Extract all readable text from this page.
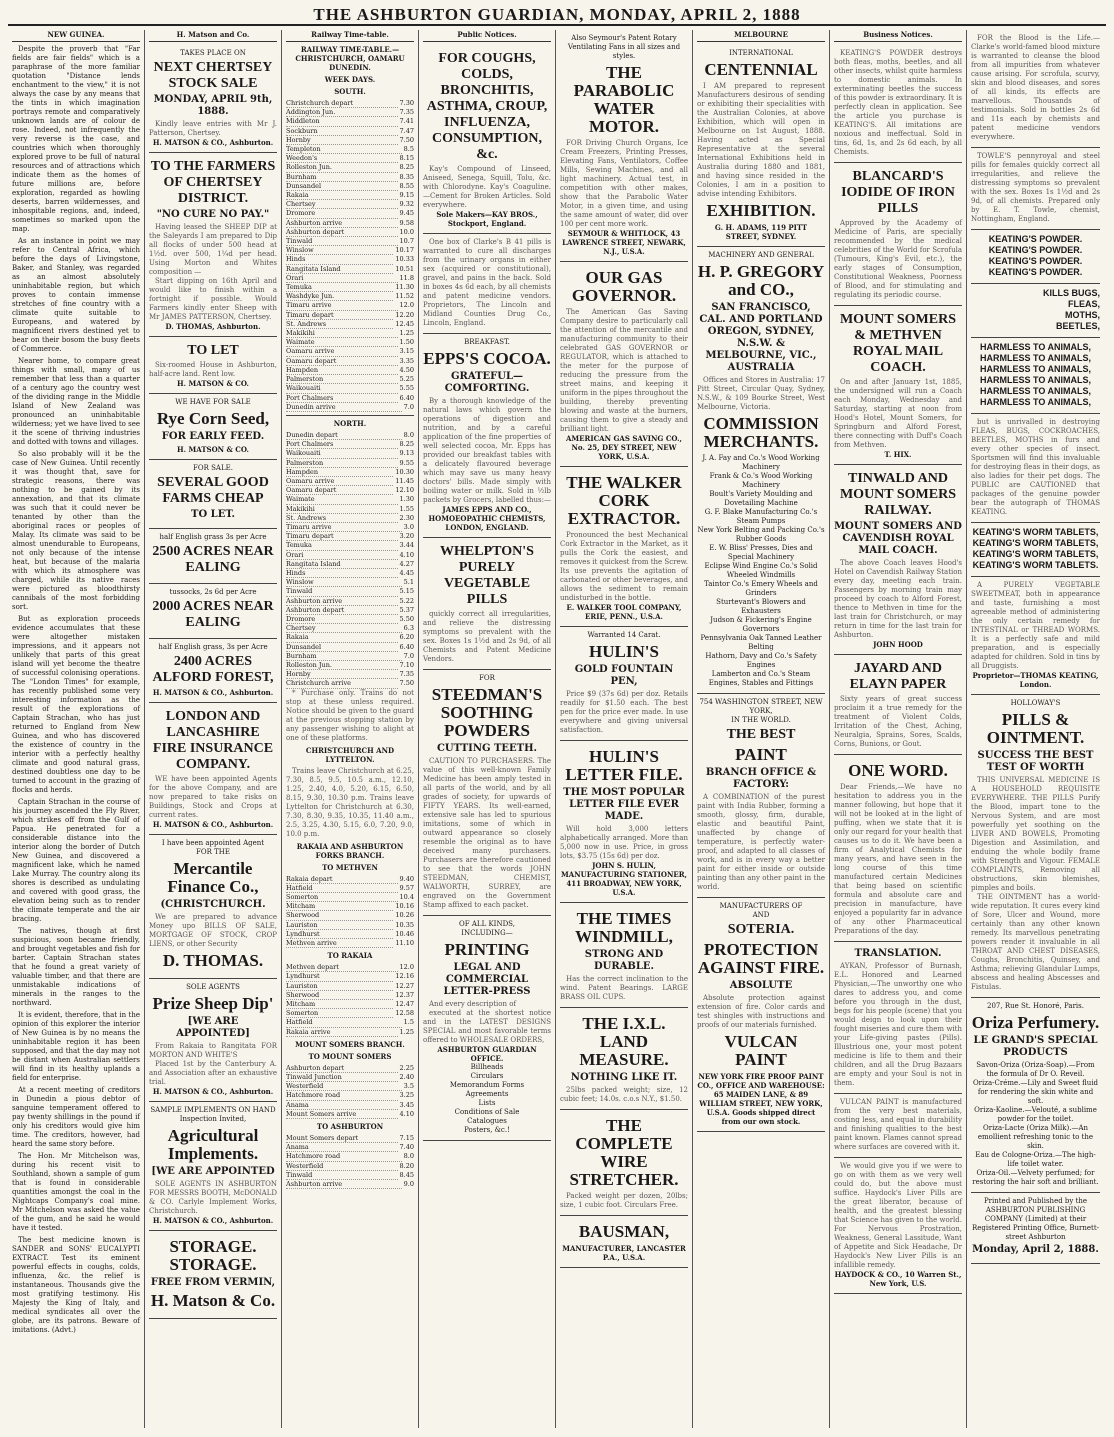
THE ASHBURTON GUARDIAN, MONDAY, APRIL 2, 1888
NEW GUINEA.

Despite the proverb that "Far fields are fair fields" which is a paraphrase of the more familiar quotation "Distance lends enchantment to the view," it is not always the case by any means that the tints in which imagination portrays remote and comparatively unknown lands are of colour de rose. Indeed, not infrequently the very reverse is the case, and countries which when thoroughly explored prove to be full of natural resources and of attractions which indicate them as the homes of future millions are, before exploration, regarded as howling deserts, barren wildernesses, and inhospitable regions, and, indeed, sometimes so marked upon the map.

As an instance in point we may refer to Central Africa, which before the days of Livingstone, Baker, and Stanley, was regarded as an almost absolutely uninhabitable region, but which proves to contain immense stretches of fine country with a climate quite suitable to Europeans, and watered by magnificent rivers destined yet to bear on their bosom the busy fleets of Commerce.

Nearer home, to compare great things with small, many of us remember that less than a quarter of a century ago the country west of the dividing range in the Middle Island of New Zealand was pronounced an uninhabitable wilderness; yet we have lived to see it the scene of thriving industries and dotted with towns and villages.

So also probably will it be the case of New Guinea. Until recently it was thought that, save for strategic reasons, there was nothing to be gained by its annexation, and that its climate was such that it could never be tenanted by other than the aboriginal races or peoples of Malay. Its climate was said to be almost unendurable to Europeans, not only because of the intense heat, but because of the malaria with which its atmosphere was charged, while its native races were pictured as bloodthirsty cannibals of the most forbidding sort.

But as exploration proceeds evidence accumulates that these were altogether mistaken impressions, and it appears not unlikely that parts of this great island will yet become the theatre of successful colonising operations. The "London Times" for example, has recently published some very interesting information as the result of the explorations of Captain Strachan, who has just returned to England from New Guinea, and who has discovered the existence of country in the interior with a perfectly healthy climate and good natural grass, destined doubtless one day to be turned to account in the grazing of flocks and herds.

Captain Strachan in the course of his journey ascended the Fly River, which strikes off from the Gulf of Papua. He penetrated for a considerable distance into the interior along the border of Dutch New Guinea, and discovered a magnificent lake, which he named Lake Murray. The country along its shores is described as undulating and covered with good grass, the elevation being such as to render the climate temperate and the air bracing.

The natives, though at first suspicious, soon became friendly, and brought vegetables and fish for barter. Captain Strachan states that he found a great variety of valuable timber, and that there are unmistakable indications of minerals in the ranges to the northward.

It is evident, therefore, that in the opinion of this explorer the interior of New Guinea is by no means the uninhabitable region it has been supposed, and that the day may not be distant when Australian settlers will find in its healthy uplands a field for enterprise.

At a recent meeting of creditors in Dunedin a pious debtor of sanguine temperament offered to pay twenty shillings in the pound if only his creditors would give him time. The creditors, however, had heard the same story before.

The Hon. Mr Mitchelson was, during his recent visit to Southland, shown a sample of gum that is found in considerable quantities amongst the coal in the Nightcaps Company's coal mine. Mr Mitchelson was asked the value of the gum, and he said he would have it tested.

The best medicine known is SANDER and SONS' EUCALYPTI EXTRACT. Test its eminent powerful effects in coughs, colds, influenza, &c. the relief is instantaneous. Thousands give the most gratifying testimony. His Majesty the King of Italy, and medical syndicates all over the globe, are its patrons. Beware of imitations. (Advt.)

H. Matson and Co.
TAKES PLACE ON
NEXT CHERTSEY STOCK SALE
MONDAY, APRIL 9th, 1888.
Kindly leave entries with Mr J. Patterson, Chertsey.
H. MATSON & CO., Ashburton.
TO THE FARMERS OF CHERTSEY DISTRICT.
"NO CURE NO PAY."
Having leased the SHEEP DIP at the Saleyards I am prepared to Dip all flocks of under 500 head at 1½d. over 500, 1¼d per head. Using Morton and Whites composition —
Start dipping on 16th April and would like to finish within a fortnight if possible. Would Farmers kindly enter Sheep with Mr JAMES PATTERSON, Chertsey.
D. THOMAS, Ashburton.
TO LET
Six-roomed House in Ashburton, half-acre land. Rent low.
H. MATSON & CO.
WE HAVE FOR SALE
Rye Corn Seed,
FOR EARLY FEED.
H. MATSON & CO.
FOR SALE.
SEVERAL GOOD FARMS CHEAP
TO LET.
half English grass 3s per Acre
2500 ACRES NEAR EALING
tussocks, 2s 6d per Acre
2000 ACRES NEAR EALING
half English grass, 3s per Acre
2400 ACRES ALFORD FOREST,
H. MATSON & CO., Ashburton.
LONDON AND LANCASHIRE FIRE INSURANCE COMPANY.
WE have been appointed Agents for the above Company, and are now prepared to take risks on Buildings, Stock and Crops at current rates.
H. MATSON & CO., Ashburton.
I have been appointed Agent
FOR THE
Mercantile Finance Co.,
(CHRISTCHURCH.
We are prepared to advance Money upo BILLS OF SALE, MORTGAGE OF STOCK, CROP LIENS, or other Security
D. THOMAS.
SOLE AGENTS
Prize Sheep Dip'
[WE ARE APPOINTED]
From Rakaia to Rangitata FOR MORTON AND WHITE'S
Placed 1st by the Canterbury A. and Association after an exhaustive trial.
H. MATSON & CO., Ashburton.
SAMPLE IMPLEMENTS ON HAND
Inspection Invited,
Agricultural Implements.
[WE ARE APPOINTED
SOLE AGENTS IN ASHBURTON FOR MESSRS BOOTH, McDONALD & CO. Carlyle Implement Works, Christchurch.
H. MATSON & CO., Ashburton.
STORAGE. STORAGE.
FREE FROM VERMIN,
H. Matson & Co.
Railway Time-table.
RAILWAY TIME-TABLE.—CHRISTCHURCH, OAMARU DUNEDIN.
WEEK DAYS.
SOUTH.
Christchurch depart	7.30
Addington Jun.	7.35
Middleton	7.41
Sockburn	7.47
Hornby	7.50
Templeton	8.5
Weedon's	8.15
Rolleston Jun.	8.25
Burnham	8.35
Dunsandel	8.55
Rakaia	9.15
Chertsey	9.32
Dromore	9.45
Ashburton arrive	9.58
Ashburton depart	10.0
Tinwald	10.7
Winslow	10.17
Hinds	10.33
Rangitata Island	10.51
Orari	11.8
Temuka	11.30
Washdyke Jun.	11.52
Timaru arrive	12.0
Timaru depart	12.20
St. Andrews	12.45
Makikihi	1.25
Waimate	1.50
Oamaru arrive	3.15
Oamaru depart	3.35
Hampden	4.50
Palmerston	5.25
Waikouaiti	5.55
Port Chalmers	6.40
Dunedin arrive	7.0
NORTH.
Dunedin depart	8.0
Port Chalmers	8.25
Waikouaiti	9.13
Palmerston	9.55
Hampden	10.30
Oamaru arrive	11.45
Oamaru depart	12.10
Waimate	1.30
Makikihi	1.55
St. Andrews	2.30
Timaru arrive	3.0
Timaru depart	3.20
Temuka	3.44
Orari	4.10
Rangitata Island	4.27
Hinds	4.45
Winslow	5.1
Tinwald	5.15
Ashburton arrive	5.22
Ashburton depart	5.37
Dromore	5.50
Chertsey	6.3
Rakaia	6.20
Dunsandel	6.40
Burnham	7.0
Rolleston Jun.	7.10
Hornby	7.35
Christchurch arrive	7.50
* Purchase only. Trains do not stop at these unless required. Notice should be given to the guard at the previous stopping station by any passenger wishing to alight at one of these platforms.
CHRISTCHURCH AND LYTTELTON.
Trains leave Christchurch at 6.25, 7.30, 8.5, 9.5, 10.5 a.m., 12.10, 1.25, 2.40, 4.0, 5.20, 6.15, 6.50, 8.15, 9.30, 10.30 p.m. Trains leave Lyttelton for Christchurch at 6.30, 7.30, 8.30, 9.35, 10.35, 11.40 a.m., 2.5, 3.25, 4.30, 5.15, 6.0, 7.20, 9.0, 10.0 p.m.
RAKAIA AND ASHBURTON FORKS BRANCH.
TO METHVEN
Rakaia depart	9.40
Hatfield	9.57
Somerton	10.4
Mitcham	10.16
Sherwood	10.26
Lauriston	10.35
Lyndhurst	10.46
Methven arrive	11.10
TO RAKAIA
Methven depart	12.0
Lyndhurst	12.16
Lauriston	12.27
Sherwood	12.37
Mitcham	12.47
Somerton	12.58
Hatfield	1.5
Rakaia arrive	1.25
MOUNT SOMERS BRANCH.
TO MOUNT SOMERS
Ashburton depart	2.25
Tinwald Junction	2.40
Westerfield	3.5
Hatchmore road	3.25
Anama	3.45
Mount Somers arrive	4.10
TO ASHBURTON
Mount Somers depart	7.15
Anama	7.40
Hatchmore road	8.0
Westerfield	8.20
Tinwald	8.45
Ashburton arrive	9.0
Public Notices.
FOR COUGHS, COLDS, BRONCHITIS, ASTHMA, CROUP, INFLUENZA, CONSUMPTION, &c.
Kay's Compound of Linseed, Aniseed, Senega, Squill, Tolu, &c. with Chlorodyne. Kay's Coaguline.—Cement for Broken Articles. Sold everywhere.
Sole Makers—KAY BROS., Stockport, England.
One box of Clarke's B 41 pills is warranted to cure all discharges from the urinary organs in either sex (acquired or constitutional), gravel, and pains in the back. Sold in boxes 4s 6d each, by all chemists and patent medicine vendors. Proprietors, The Lincoln and Midland Counties Drug Co., Lincoln, England.
BREAKFAST.
EPPS'S COCOA.
GRATEFUL—COMFORTING.
By a thorough knowledge of the natural laws which govern the operations of digestion and nutrition, and by a careful application of the fine properties of well selected cocoa, Mr. Epps has provided our breakfast tables with a delicately flavoured beverage which may save us many heavy doctors' bills. Made simply with boiling water or milk. Sold in ½lb packets by Grocers, labelled thus:—
JAMES EPPS AND CO., HOMOEOPATHIC CHEMISTS, LONDON, ENGLAND.
WHELPTON'S PURELY VEGETABLE PILLS
quickly correct all irregularities, and relieve the distressing symptoms so prevalent with the sex. Boxes 1s 1½d and 2s 9d, of all Chemists and Patent Medicine Vendors.
FOR
STEEDMAN'S SOOTHING POWDERS
CUTTING TEETH.
CAUTION TO PURCHASERS. The value of this well-known Family Medicine has been amply tested in all parts of the world, and by all grades of society, for upwards of FIFTY YEARS. Its well-earned, extensive sale has led to spurious imitations, some of which in outward appearance so closely resemble the original as to have deceived many purchasers. Purchasers are therefore cautioned to see that the words JOHN STEEDMAN, CHEMIST, WALWORTH, SURREY, are engraved on the Government Stamp affixed to each packet.
OF ALL KINDS,
INCLUDING—
PRINTING
LEGAL AND COMMERCIAL LETTER-PRESS
And every description of
executed at the shortest notice and in the LATEST DESIGNS SPECIAL and most favorable terms offered to WHOLESALE ORDERS,
ASHBURTON GUARDIAN OFFICE.
Billheads
Circulars
Memorandum Forms
Agreements
Lists
Conditions of Sale
Catalogues
Posters, &c.!
Also Seymour's Patent Rotary Ventilating Fans in all sizes and styles.
THE PARABOLIC WATER MOTOR.
FOR Driving Church Organs, Ice Cream Freezers, Printing Presses, Elevating Fans, Ventilators, Coffee Mills, Sewing Machines, and all light machinery. Actual test, in competition with other makes, show that the Parabolic Water Motor, in a given time, and using the same amount of water, did over 100 per cent more work.
SEYMOUR & WHITLOCK, 43 LAWRENCE STREET, NEWARK, N.J., U.S.A.
OUR GAS GOVERNOR.
The American Gas Saving Company desire to particularly call the attention of the mercantile and manufacturing community to their celebrated GAS GOVERNOR or REGULATOR, which is attached to the meter for the purpose of reducing the pressure from the street mains, and keeping it uniform in the pipes throughout the building, thereby preventing blowing and waste at the burners, causing them to give a steady and brilliant light.
AMERICAN GAS SAVING CO., No. 25, DEY STREET, NEW YORK, U.S.A.
THE WALKER CORK EXTRACTOR.
Pronounced the best Mechanical Cork Extractor in the Market, as it pulls the Cork the easiest, and removes it quickest from the Screw. Its use prevents the agitation of carbonated or other beverages, and allows the sediment to remain undisturbed in the bottle.
E. WALKER TOOL COMPANY, ERIE, PENN., U.S.A.
Warranted 14 Carat.
HULIN'S
GOLD FOUNTAIN PEN,
Price $9 (37s 6d) per doz. Retails readily for $1.50 each. The best pen for the price ever made. In use everywhere and giving universal satisfaction.
HULIN'S LETTER FILE.
THE MOST POPULAR LETTER FILE EVER MADE.
Will hold 3,000 letters alphabetically arranged. More than 5,000 now in use. Price, in gross lots, $3.75 (15s 6d) per doz.
JOHN S. HULIN, MANUFACTURING STATIONER, 411 BROADWAY, NEW YORK, U.S.A.
THE TIMES WINDMILL,
STRONG AND DURABLE.
Has the correct inclination to the wind. Patent Bearings. LARGE BRASS OIL CUPS.
THE I.X.L. LAND MEASURE.
NOTHING LIKE IT.
25lbs packed weight; size, 12 cubic feet; 14.0s. c.o.s N.Y., $1.50.
THE COMPLETE WIRE STRETCHER.
Packed weight per dozen, 20lbs; size, 1 cubic foot. Circulars Free.
BAUSMAN,
MANUFACTURER, LANCASTER P.A., U.S.A.
MELBOURNE
INTERNATIONAL
CENTENNIAL
I AM prepared to represent Manufacturers desirous of sending or exhibiting their specialities with the Australian Colonies, at above Exhibition, which will open in Melbourne on 1st August, 1888. Having acted as Special Representative at the several International Exhibitions held in Australia during 1880 and 1881, and having since resided in the Colonies, I am in a position to advise intending Exhibitors.
EXHIBITION.
G. H. ADAMS, 119 PITT STREET, SYDNEY.
MACHINERY AND GENERAL
H. P. GREGORY and CO.,
SAN FRANCISCO, CAL. AND PORTLAND OREGON, SYDNEY, N.S.W. & MELBOURNE, VIC., AUSTRALIA
Offices and Stores in Australia: 17 Pitt Street, Circular Quay, Sydney, N.S.W., & 109 Bourke Street, West Melbourne, Victoria.
COMMISSION MERCHANTS.
J. A. Fay and Co.'s Wood Working Machinery
Frank & Co.'s Wood Working Machinery
Boult's Variety Moulding and Dovetailing Machine
G. F. Blake Manufacturing Co.'s Steam Pumps
New York Belting and Packing Co.'s Rubber Goods
E. W. Bliss' Presses, Dies and Special Machinery
Eclipse Wind Engine Co.'s Solid Wheeled Windmills
Taintor Co.'s Emery Wheels and Grinders
Sturtevant's Blowers and Exhausters
Judson & Fickering's Engine Governors
Pennsylvania Oak Tanned Leather Belting
Hathorn, Davy and Co.'s Safety Engines
Lamberton and Co.'s Steam Engines, Stables and Fittings
754 WASHINGTON STREET, NEW YORK,
IN THE WORLD.
THE BEST
PAINT
BRANCH OFFICE & FACTORY:
A COMBINATION of the purest paint with India Rubber, forming a smooth, glossy, firm, durable, elastic and beautiful Paint, unaffected by change of temperature, is perfectly water-proof, and adapted to all classes of work, and is in every way a better paint for either inside or outside painting than any other paint in the world.
MANUFACTURERS OF
AND
SOTERIA.
PROTECTION AGAINST FIRE.
ABSOLUTE
Absolute protection against extension of fire. Color cards and test shingles with instructions and proofs of our materials furnished.
VULCAN PAINT
NEW YORK FIRE PROOF PAINT CO., OFFICE AND WAREHOUSE: 65 MAIDEN LANE, & 89 WILLIAM STREET, NEW YORK, U.S.A. Goods shipped direct from our own stock.
Business Notices.
KEATING'S POWDER destroys both fleas, moths, beetles, and all other insects, whilst quite harmless to domestic animals. In exterminating beetles the success of this powder is extraordinary. It is perfectly clean in application. See the article you purchase is KEATING'S. All imitations are noxious and ineffectual. Sold in tins, 6d, 1s, and 2s 6d each, by all Chemists.
BLANCARD'S IODIDE OF IRON PILLS
Approved by the Academy of Medicine of Paris, are specially recommended by the medical celebrities of the World for Scrofula (Tumours, King's Evil, etc.), the early stages of Consumption, Constitutional Weakness, Poorness of Blood, and for stimulating and regulating its periodic course.
MOUNT SOMERS & METHVEN ROYAL MAIL COACH.
On and after January 1st, 1885, the undersigned will run a Coach each Monday, Wednesday and Saturday, starting at noon from Hood's Hotel, Mount Somers, for Springburn and Alford Forest, there connecting with Duff's Coach from Methven.
T. HIX.
TINWALD AND MOUNT SOMERS RAILWAY.
MOUNT SOMERS AND CAVENDISH ROYAL MAIL COACH.
The above Coach leaves Hood's Hotel on Cavendish Railway Station every day, meeting each train. Passengers by morning train may proceed by coach to Alford Forest, thence to Methven in time for the last train for Christchurch, or may return in time for the last train for Ashburton.
JOHN HOOD
JAYARD AND ELAYN PAPER
Sixty years of great success proclaim it a true remedy for the treatment of Violent Colds, Irritation of the Chest, Aching, Neuralgia, Sprains, Sores, Scalds, Corns, Bunions, or Gout.
ONE WORD.
Dear Friends,—We have no hesitation to address you in the manner following, but hope that it will not be looked at in the light of puffing, when we state that it is only our regard for your health that causes us to do it. We have been a firm of Analytical Chemists for many years, and have seen in the long course of this time manufactured certain Medicines that being based on scientific formula and absolute care and precision in manufacture, have enjoyed a popularity far in advance of any other Pharmaceutical Preparations of the day.
TRANSLATION.
AYKAN, Professor of Burnash, E.L. Honored and Learned Physician,—The unworthy one who dares to address you, and come before you through in the dust, begs for his people (scene) that you would deign to look upon their fought miseries and cure them with your Life-giving pastes (Pills). Illustrious one, your most potent medicine is life to them and their children, and all the Drug Bazaars are empty and your Soul is not in them.
VULCAN PAINT is manufactured from the very best materials, costing less, and equal in durability and finishing qualities to the best paint known. Flames cannot spread where surfaces are covered with it.
We would give you if we were to go on with them as we very well could do, but the above must suffice. Haydock's Liver Pills are the great liberator, because of health, and the greatest blessing that Science has given to the world. For Nervous Prostration, Weakness, General Lassitude, Want of Appetite and Sick Headache, Dr Haydock's New Liver Pills is an infallible remedy.
HAYDOCK & CO., 10 Warren St., New York, U.S.
FOR the Blood is the Life.—Clarke's world-famed blood mixture is warranted to cleanse the blood from all impurities from whatever cause arising. For scrofula, scurvy, skin and blood diseases, and sores of all kinds, its effects are marvellous. Thousands of testimonials. Sold in bottles 2s 6d and 11s each by chemists and patent medicine vendors everywhere.
TOWLE'S pennyroyal and steel pills for females quickly correct all irregularities, and relieve the distressing symptoms so prevalent with the sex. Boxes 1s 1½d and 2s 9d, of all chemists. Prepared only by E. T. Towle, chemist, Nottingham, England.
KEATING'S POWDER.
KEATING'S POWDER.
KEATING'S POWDER.
KEATING'S POWDER.
KILLS BUGS,
FLEAS,
MOTHS,
BEETLES,
HARMLESS TO ANIMALS,
HARMLESS TO ANIMALS,
HARMLESS TO ANIMALS,
HARMLESS TO ANIMALS,
HARMLESS TO ANIMALS,
HARMLESS TO ANIMALS,
but is unrivalled in destroying FLEAS, BUGS, COCKROACHES, BEETLES, MOTHS in furs and every other species of insect. Sportsmen will find this invaluable for destroying fleas in their dogs, as also ladies for their pet dogs. The PUBLIC are CAUTIONED that packages of the genuine powder bear the autograph of THOMAS KEATING.
KEATING'S WORM TABLETS,
KEATING'S WORM TABLETS,
KEATING'S WORM TABLETS,
KEATING'S WORM TABLETS.
A PURELY VEGETABLE SWEETMEAT, both in appearance and taste, furnishing a most agreeable method of administering the only certain remedy for INTESTINAL or THREAD WORMS. It is a perfectly safe and mild preparation, and is especially adapted for children. Sold in tins by all Druggists.
Proprietor—THOMAS KEATING, London.
HOLLOWAY'S
PILLS & OINTMENT.
SUCCESS THE BEST TEST OF WORTH
THIS UNIVERSAL MEDICINE IS A HOUSEHOLD REQUISITE EVERYWHERE. THE PILLS Purify the Blood, impart tone to the Nervous System, and are most powerfully yet soothing on the LIVER AND BOWELS, Promoting Digestion and Assimilation, and enduing the whole bodily frame with Strength and Vigour. FEMALE COMPLAINTS, Removing all obstructions, skin blemishes, pimples and boils.
THE OINTMENT has a world-wide reputation. It cures every kind of Sore, Ulcer and Wound, more certainly than any other known remedy. Its marvellous penetrating powers render it invaluable in all THROAT AND CHEST DISEASES, Coughs, Bronchitis, Quinsey, and Asthma; relieving Glandular Lumps, abscess and healing Abscesses and Fistulas.
207, Rue St. Honoré, Paris.
Oriza Perfumery.
LE GRAND'S SPECIAL PRODUCTS
Savon-Oriza (Oriza-Soap).—From the formula of Dr O. Reveil.
Oriza-Créme.—Lily and Sweet fluid for rendering the skin white and soft.
Oriza-Kaoline.—Velouté, a sublime powder for the toilet.
Oriza-Lacte (Oriza Milk).—An emollient refreshing tonic to the skin.
Eau de Cologne-Oriza.—The high-life toilet water.
Oriza-Oil.—Velvety perfumed; for restoring the hair soft and brilliant.
Printed and Published by the ASHBURTON PUBLISHING COMPANY (Limited) at their Registered Printing Office, Burnett-street Ashburton
Monday, April 2, 1888.
